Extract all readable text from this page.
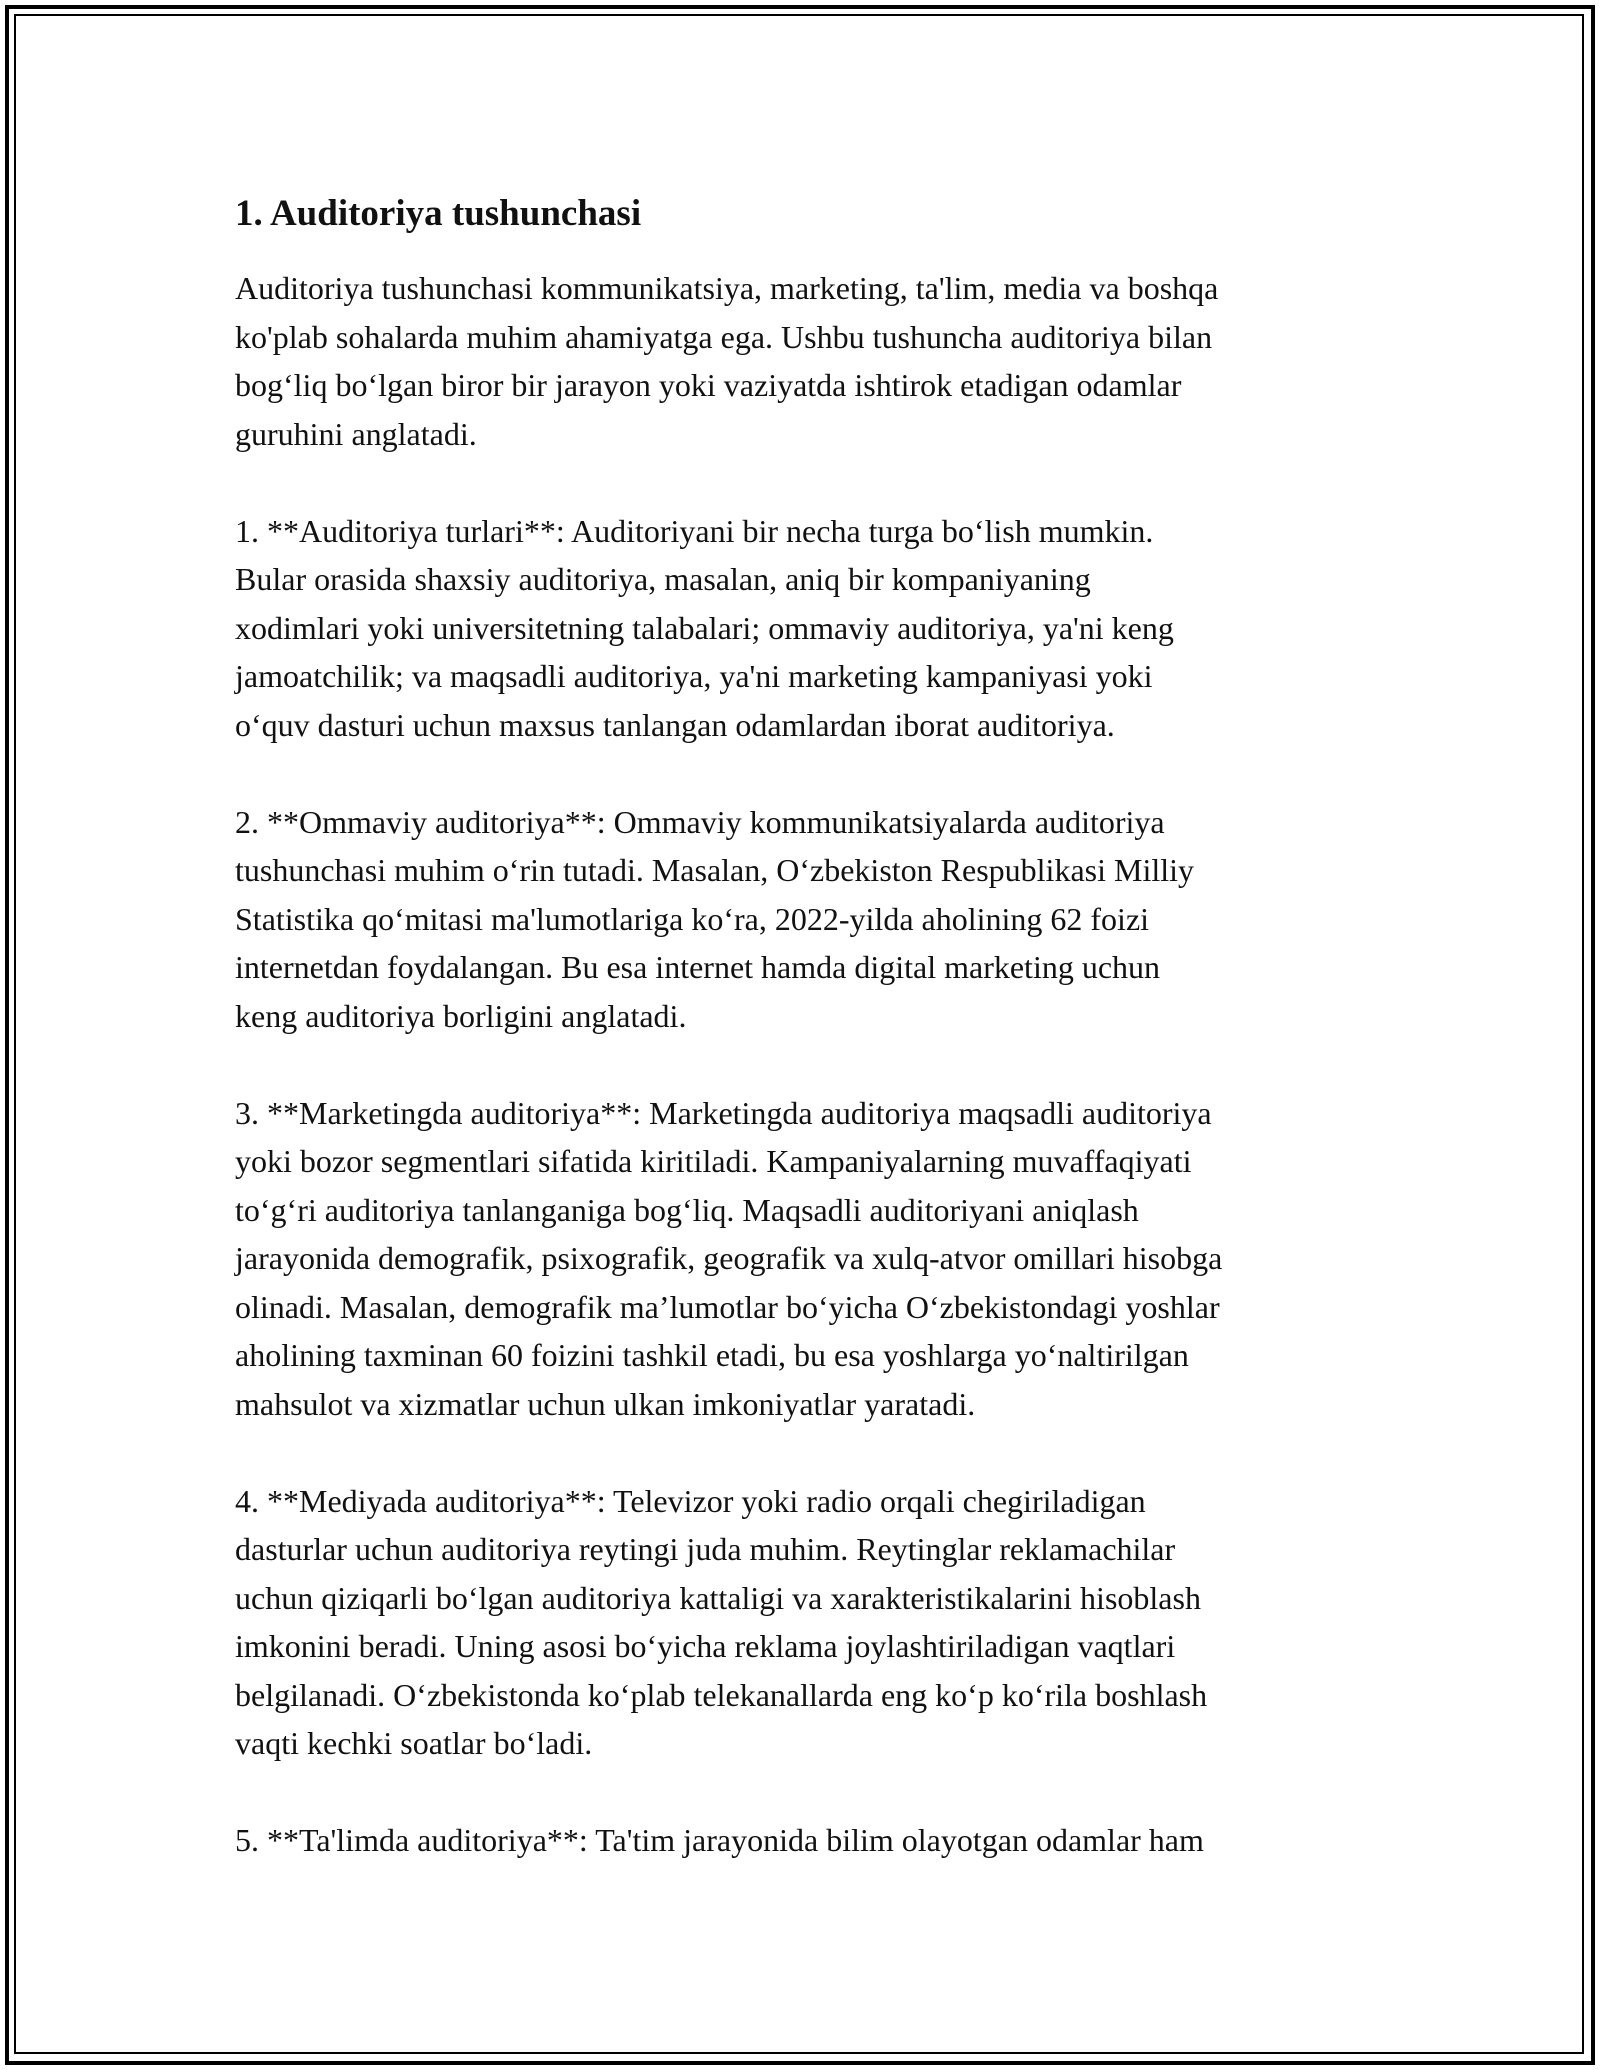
1. Auditoriya tushunchasi

Auditoriya tushunchasi kommunikatsiya, marketing, ta'lim, media va boshqa
ko'plab sohalarda muhim ahamiyatga ega. Ushbu tushuncha auditoriya bilan
bog‘liq bo‘lgan biror bir jarayon yoki vaziyatda ishtirok etadigan odamlar
guruhini anglatadi.

1. **Auditoriya turlari**: Auditoriyani bir necha turga bo‘lish mumkin.
Bular orasida shaxsiy auditoriya, masalan, aniq bir kompaniyaning
xodimlari yoki universitetning talabalari; ommaviy auditoriya, ya'ni keng
jamoatchilik; va maqsadli auditoriya, ya'ni marketing kampaniyasi yoki
o‘quv dasturi uchun maxsus tanlangan odamlardan iborat auditoriya.

2. **Ommaviy auditoriya**: Ommaviy kommunikatsiyalarda auditoriya
tushunchasi muhim o‘rin tutadi. Masalan, O‘zbekiston Respublikasi Milliy
Statistika qo‘mitasi ma'lumotlariga ko‘ra, 2022-yilda aholining 62 foizi
internetdan foydalangan. Bu esa internet hamda digital marketing uchun
keng auditoriya borligini anglatadi.

3. **Marketingda auditoriya**: Marketingda auditoriya maqsadli auditoriya
yoki bozor segmentlari sifatida kiritiladi. Kampaniyalarning muvaffaqiyati
to‘g‘ri auditoriya tanlanganiga bog‘liq. Maqsadli auditoriyani aniqlash
jarayonida demografik, psixografik, geografik va xulq-atvor omillari hisobga
olinadi. Masalan, demografik ma’lumotlar bo‘yicha O‘zbekistondagi yoshlar
aholining taxminan 60 foizini tashkil etadi, bu esa yoshlarga yo‘naltirilgan
mahsulot va xizmatlar uchun ulkan imkoniyatlar yaratadi.

4. **Mediyada auditoriya**: Televizor yoki radio orqali chegiriladigan
dasturlar uchun auditoriya reytingi juda muhim. Reytinglar reklamachilar
uchun qiziqarli bo‘lgan auditoriya kattaligi va xarakteristikalarini hisoblash
imkonini beradi. Uning asosi bo‘yicha reklama joylashtiriladigan vaqtlari
belgilanadi. O‘zbekistonda ko‘plab telekanallarda eng ko‘p ko‘rila boshlash
vaqti kechki soatlar bo‘ladi.

5. **Ta'limda auditoriya**: Ta'tim jarayonida bilim olayotgan odamlar ham
